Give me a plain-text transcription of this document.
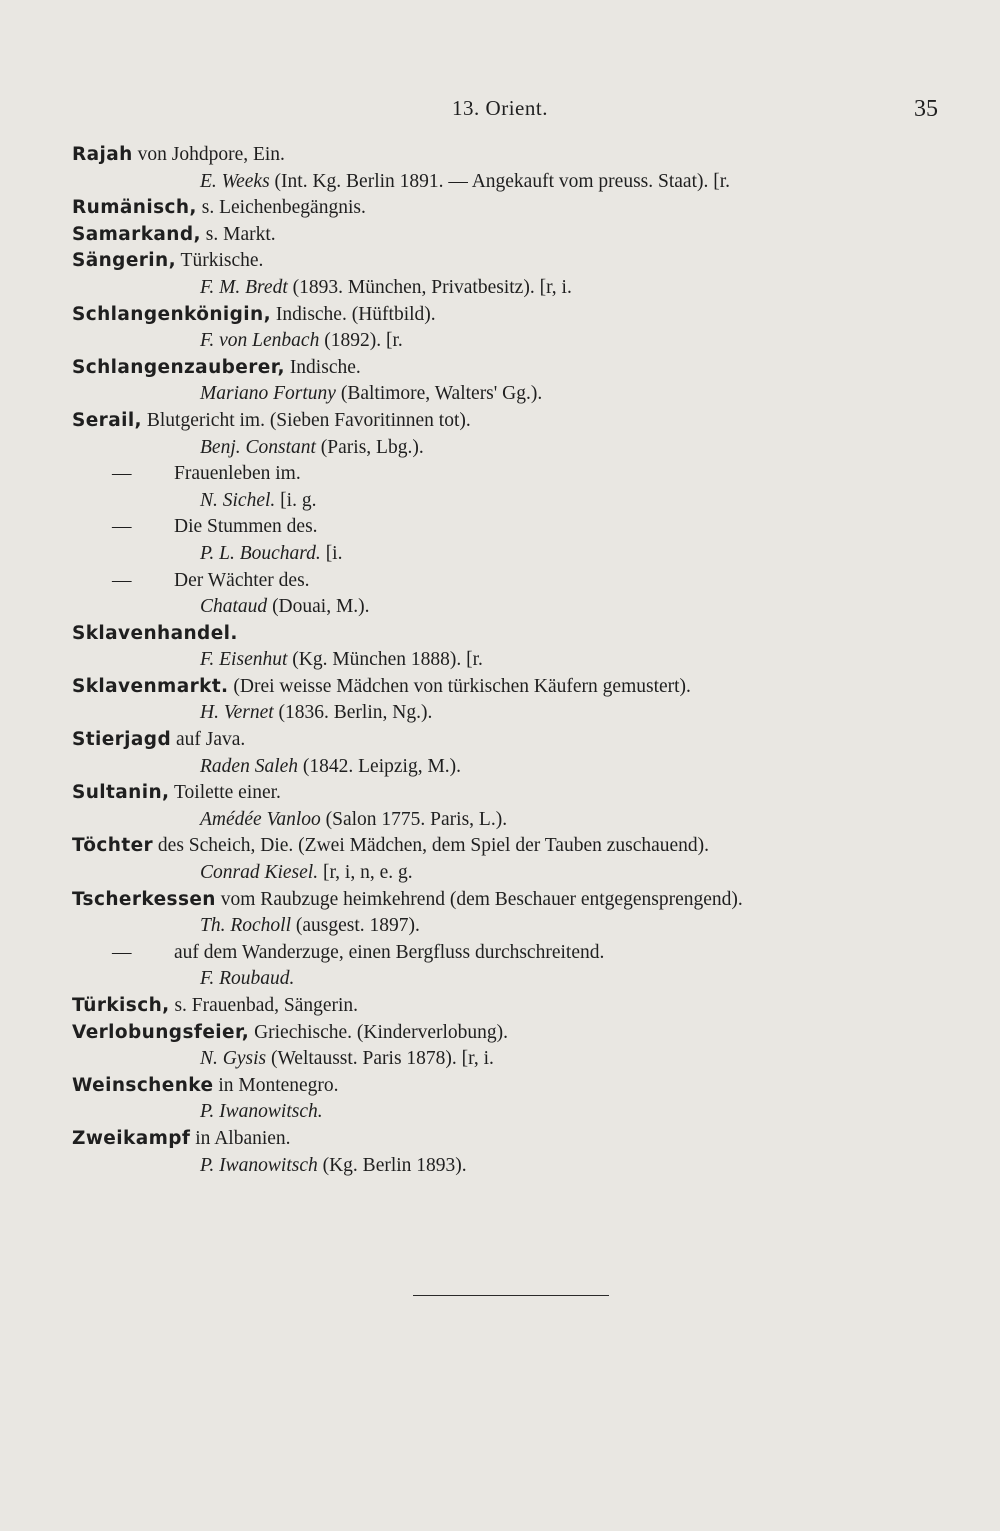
13. Orient.	35
Rajah von Johdpore, Ein.
E. Weeks (Int. Kg. Berlin 1891. — Angekauft vom preuss. Staat). [r.
Rumänisch, s. Leichenbegängnis.
Samarkand, s. Markt.
Sängerin, Türkische.
F. M. Bredt (1893. München, Privatbesitz). [r, i.
Schlangenkönigin, Indische. (Hüftbild).
F. von Lenbach (1892). [r.
Schlangenzauberer, Indische.
Mariano Fortuny (Baltimore, Walters' Gg.).
Serail, Blutgericht im. (Sieben Favoritinnen tot).
Benj. Constant (Paris, Lbg.).
— Frauenleben im.
N. Sichel. [i. g.
— Die Stummen des.
P. L. Bouchard. [i.
— Der Wächter des.
Chataud (Douai, M.).
Sklavenhandel.
F. Eisenhut (Kg. München 1888). [r.
Sklavenmarkt. (Drei weisse Mädchen von türkischen Käufern gemustert).
H. Vernet (1836. Berlin, Ng.).
Stierjagd auf Java.
Raden Saleh (1842. Leipzig, M.).
Sultanin, Toilette einer.
Amédée Vanloo (Salon 1775. Paris, L.).
Töchter des Scheich, Die. (Zwei Mädchen, dem Spiel der Tauben zuschauend).
Conrad Kiesel. [r, i, n, e. g.
Tscherkessen vom Raubzuge heimkehrend (dem Beschauer entgegensprengend).
Th. Rocholl (ausgest. 1897).
— auf dem Wanderzuge, einen Bergfluss durchschreitend.
F. Roubaud.
Türkisch, s. Frauenbad, Sängerin.
Verlobungsfeier, Griechische. (Kinderverlobung).
N. Gysis (Weltausst. Paris 1878). [r, i.
Weinschenke in Montenegro.
P. Iwanowitsch.
Zweikampf in Albanien.
P. Iwanowitsch (Kg. Berlin 1893).
